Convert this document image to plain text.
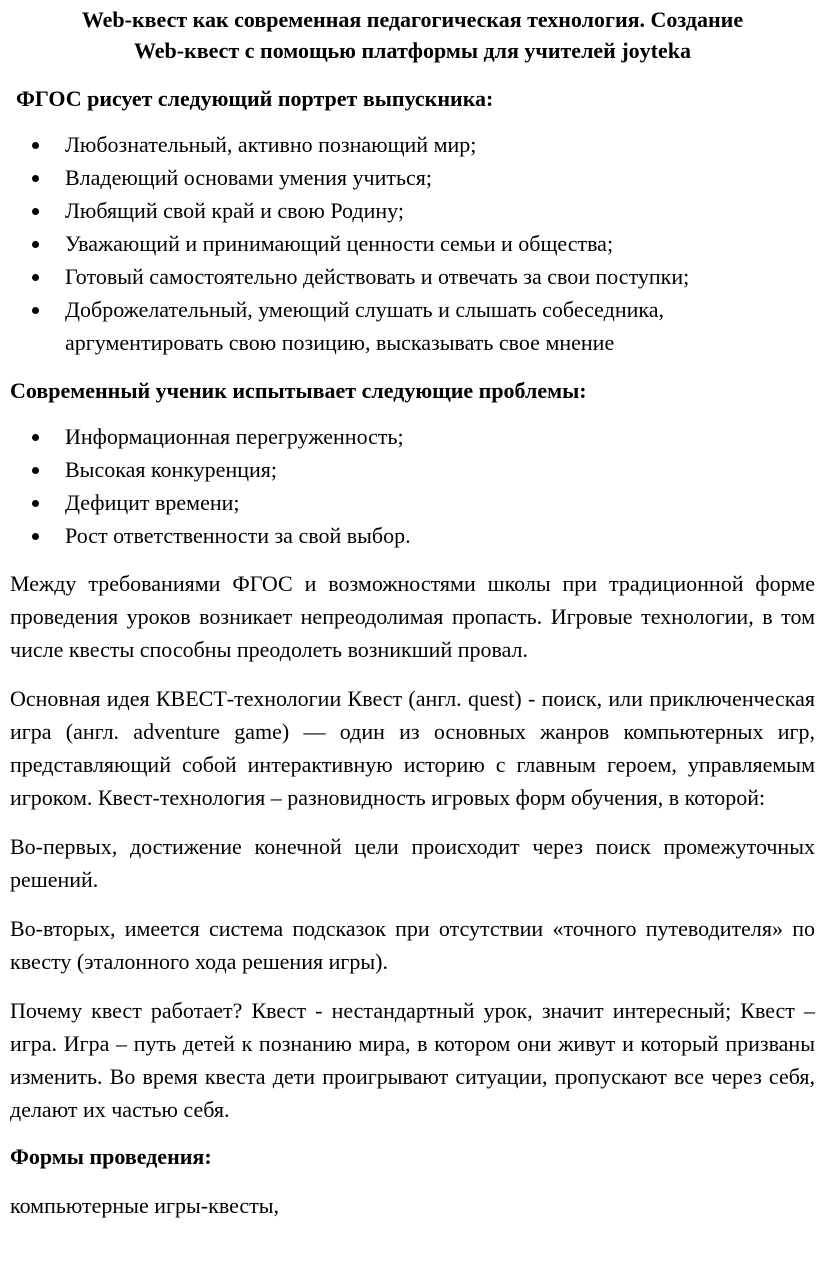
Web-квест как современная педагогическая технология. Создание
Web-квест с помощью платформы для учителей joyteka
ФГОС рисует следующий портрет выпускника:
Любознательный, активно познающий мир;
Владеющий основами умения учиться;
Любящий свой край и свою Родину;
Уважающий и принимающий ценности семьи и общества;
Готовый самостоятельно действовать и отвечать за свои поступки;
Доброжелательный, умеющий слушать и слышать собеседника, аргументировать свою позицию, высказывать свое мнение
Современный ученик испытывает следующие проблемы:
Информационная перегруженность;
Высокая конкуренция;
Дефицит времени;
Рост ответственности за свой выбор.

Между требованиями ФГОС и возможностями школы при традиционной форме проведения уроков возникает непреодолимая пропасть. Игровые технологии, в том числе квесты способны преодолеть возникший провал.

Основная идея КВЕСТ-технологии Квест (англ. quest) - поиск, или приключенческая игра (англ. adventure game) — один из основных жанров компьютерных игр, представляющий собой интерактивную историю с главным героем, управляемым игроком. Квест-технология – разновидность игровых форм обучения, в которой:

Во-первых, достижение конечной цели происходит через поиск промежуточных решений.

Во-вторых, имеется система подсказок при отсутствии «точного путеводителя» по квесту (эталонного хода решения игры).

Почему квест работает? Квест - нестандартный урок, значит интересный; Квест – игра. Игра – путь детей к познанию мира, в котором они живут и который призваны изменить. Во время квеста дети проигрывают ситуации, пропускают все через себя, делают их частью себя.

Формы проведения:

компьютерные игры-квесты,
